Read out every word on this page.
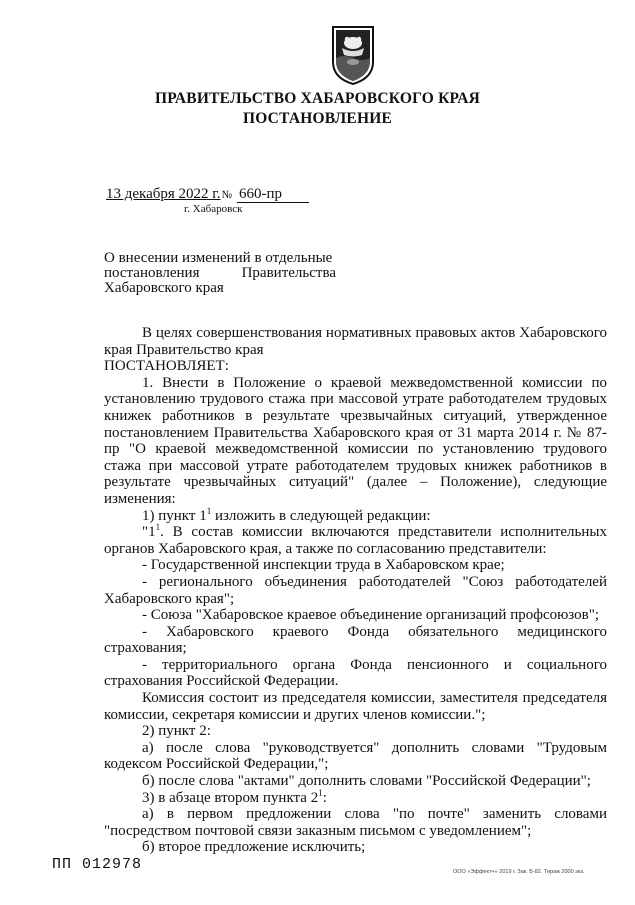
ПРАВИТЕЛЬСТВО ХАБАРОВСКОГО КРАЯ
ПОСТАНОВЛЕНИЕ
13 декабря 2022 г.№ 660-пр
г. Хабаровск
О внесении изменений в отдельные
постановления	Правительства
Хабаровского края

В целях совершенствования нормативных правовых актов Хабаровского края Правительство края

ПОСТАНОВЛЯЕТ:

1. Внести в Положение о краевой межведомственной комиссии по установлению трудового стажа при массовой утрате работодателем трудовых книжек работников в результате чрезвычайных ситуаций, утвержденное постановлением Правительства Хабаровского края от 31 марта 2014 г. № 87-пр "О краевой межведомственной комиссии по установлению трудового стажа при массовой утрате работодателем трудовых книжек работников в результате чрезвычайных ситуаций" (далее – Положение), следующие изменения:

1) пункт $1^1$ изложить в следующей редакции:

"$1^1$. В состав комиссии включаются представители исполнительных органов Хабаровского края, а также по согласованию представители:

- Государственной инспекции труда в Хабаровском крае;

- регионального объединения работодателей "Союз работодателей Хабаровского края";

- Союза "Хабаровское краевое объединение организаций профсоюзов";

- Хабаровского краевого Фонда обязательного медицинского страхования;

- территориального органа Фонда пенсионного и социального страхования Российской Федерации.

Комиссия состоит из председателя комиссии, заместителя председателя комиссии, секретаря комиссии и других членов комиссии.";

2) пункт 2:

а) после слова "руководствуется" дополнить словами "Трудовым кодексом Российской Федерации,";

б) после слова "актами" дополнить словами "Российской Федерации";

3) в абзаце втором пункта $2^1$:

а) в первом предложении слова "по почте" заменить словами "посредством почтовой связи заказным письмом с уведомлением";

б) второе предложение исключить;

ПП 012978	ООО «Эффект+» 2019 г. Зак. Б-82. Тираж 2000 экз.
